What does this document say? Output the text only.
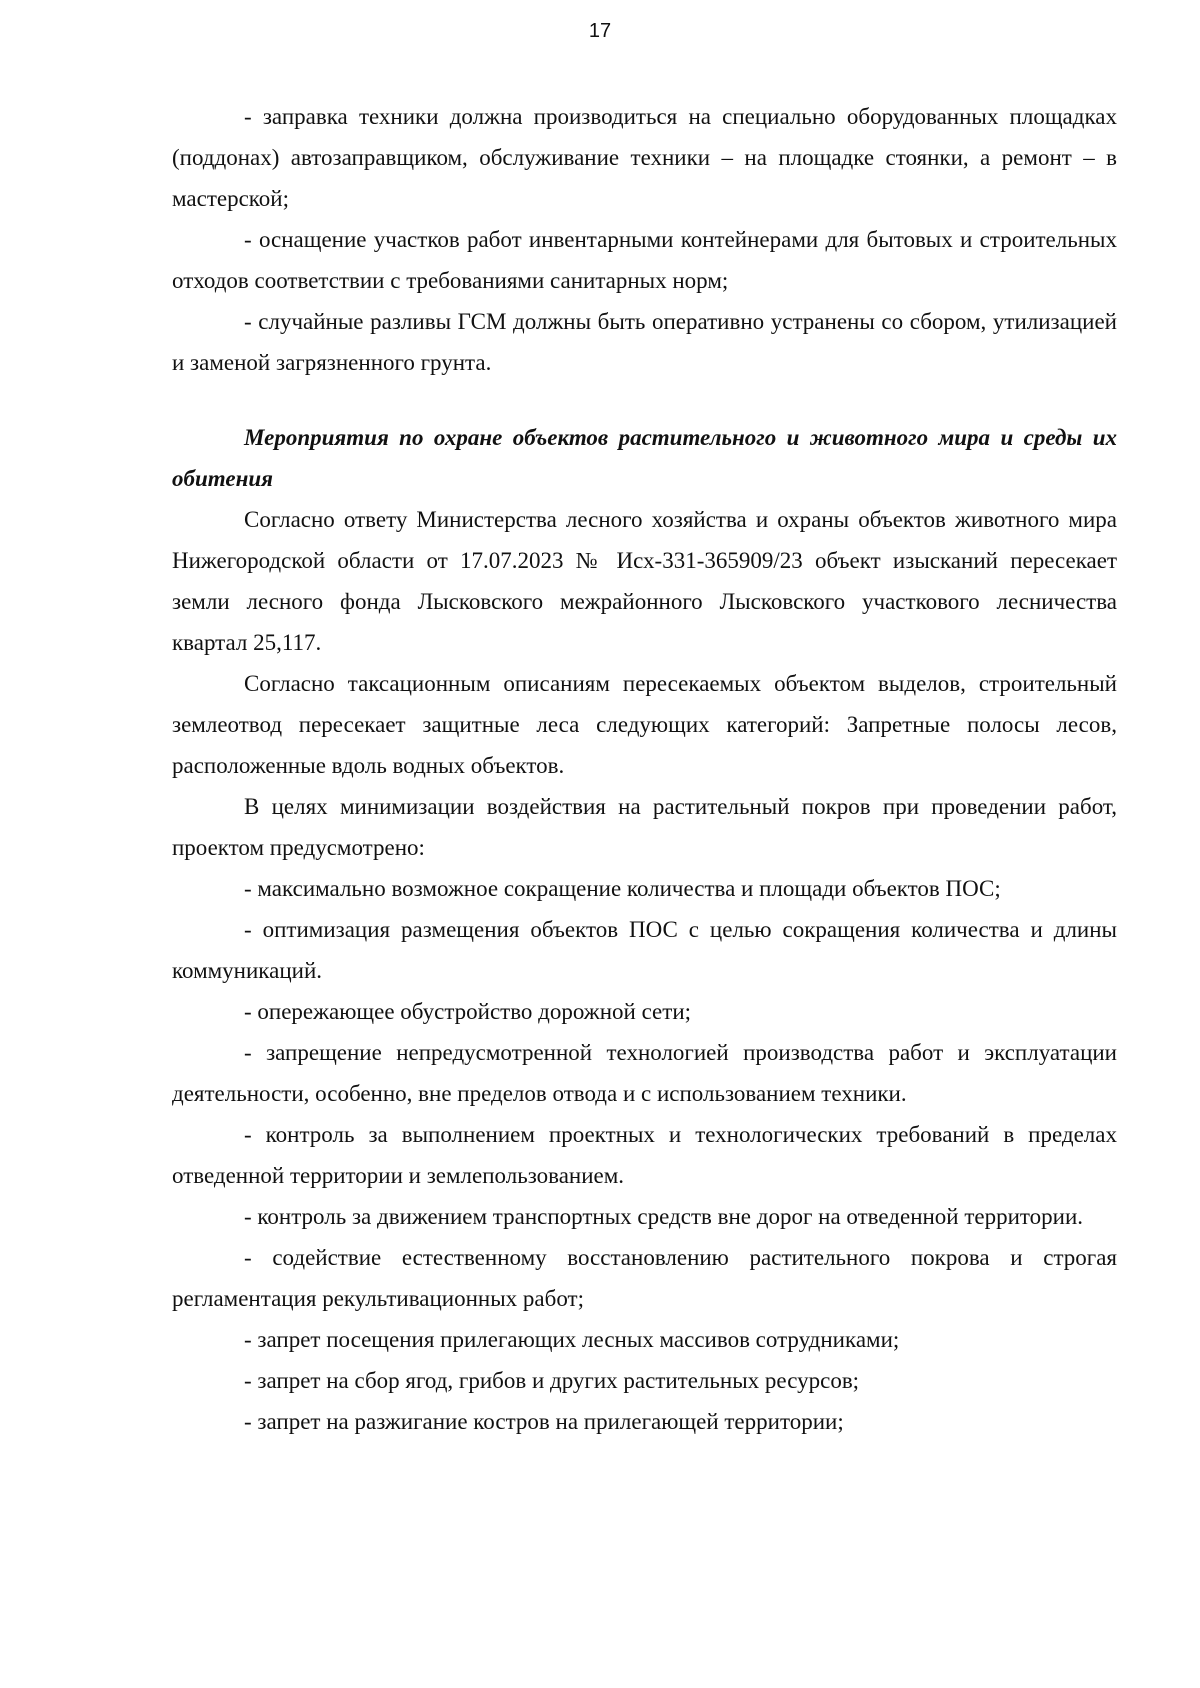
17

- заправка техники должна производиться на специально оборудованных площадках (поддонах) автозаправщиком, обслуживание техники – на площадке стоянки, а ремонт – в мастерской;

- оснащение участков работ инвентарными контейнерами для бытовых и строительных отходов соответствии с требованиями санитарных норм;

- случайные разливы ГСМ должны быть оперативно устранены со сбором, утилизацией и заменой загрязненного грунта.

Мероприятия по охране объектов растительного и животного мира и среды их обитения

Согласно ответу Министерства лесного хозяйства и охраны объектов животного мира Нижегородской области от 17.07.2023 № Исх-331-365909/23 объект изысканий пересекает земли лесного фонда Лысковского межрайонного Лысковского участкового лесничества квартал 25,117.

Согласно таксационным описаниям пересекаемых объектом выделов, строительный землеотвод пересекает защитные леса следующих категорий: Запретные полосы лесов, расположенные вдоль водных объектов.

В целях минимизации воздействия на растительный покров при проведении работ, проектом предусмотрено:

- максимально возможное сокращение количества и площади объектов ПОС;

- оптимизация размещения объектов ПОС с целью сокращения количества и длины коммуникаций.

- опережающее обустройство дорожной сети;

- запрещение непредусмотренной технологией производства работ и эксплуатации деятельности, особенно, вне пределов отвода и с использованием техники.

- контроль за выполнением проектных и технологических требований в пределах отведенной территории и землепользованием.

- контроль за движением транспортных средств вне дорог на отведенной территории.

- содействие естественному восстановлению растительного покрова и строгая регламентация рекультивационных работ;

- запрет посещения прилегающих лесных массивов сотрудниками;

- запрет на сбор ягод, грибов и других растительных ресурсов;

- запрет на разжигание костров на прилегающей территории;
